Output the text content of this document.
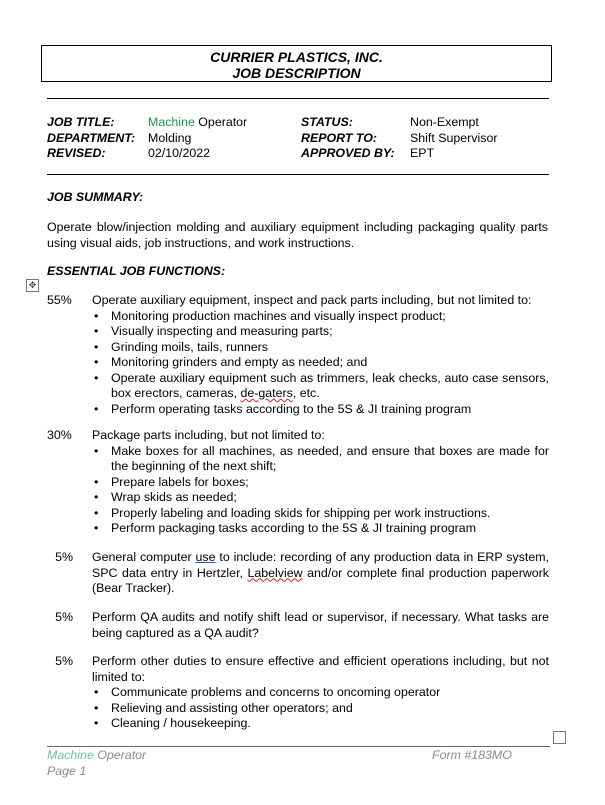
CURRIER PLASTICS, INC.
JOB DESCRIPTION
JOB TITLE:	Machine Operator	STATUS:	Non-Exempt
DEPARTMENT: Molding	REPORT TO:	Shift Supervisor
REVISED:	02/10/2022	APPROVED BY: EPT
JOB SUMMARY:
Operate blow/injection molding and auxiliary equipment including packaging quality parts using visual aids, job instructions, and work instructions.
ESSENTIAL JOB FUNCTIONS:
✥
55% Operate auxiliary equipment, inspect and pack parts including, but not limited to:
• Monitoring production machines and visually inspect product;
• Visually inspecting and measuring parts;
• Grinding moils, tails, runners
• Monitoring grinders and empty as needed; and
• Operate auxiliary equipment such as trimmers, leak checks, auto case sensors, box erectors, cameras, de-gaters, etc.
• Perform operating tasks according to the 5S & JI training program
30% Package parts including, but not limited to:
• Make boxes for all machines, as needed, and ensure that boxes are made for the beginning of the next shift;
• Prepare labels for boxes;
• Wrap skids as needed;
• Properly labeling and loading skids for shipping per work instructions.
• Perform packaging tasks according to the 5S & JI training program
5% General computer use to include: recording of any production data in ERP system, SPC data entry in Hertzler, Labelview and/or complete final production paperwork (Bear Tracker).
5% Perform QA audits and notify shift lead or supervisor, if necessary. What tasks are being captured as a QA audit?
5% Perform other duties to ensure effective and efficient operations including, but not limited to:
• Communicate problems and concerns to oncoming operator
• Relieving and assisting other operators; and
• Cleaning / housekeeping.
Machine Operator
Page 1
Form #183MO
